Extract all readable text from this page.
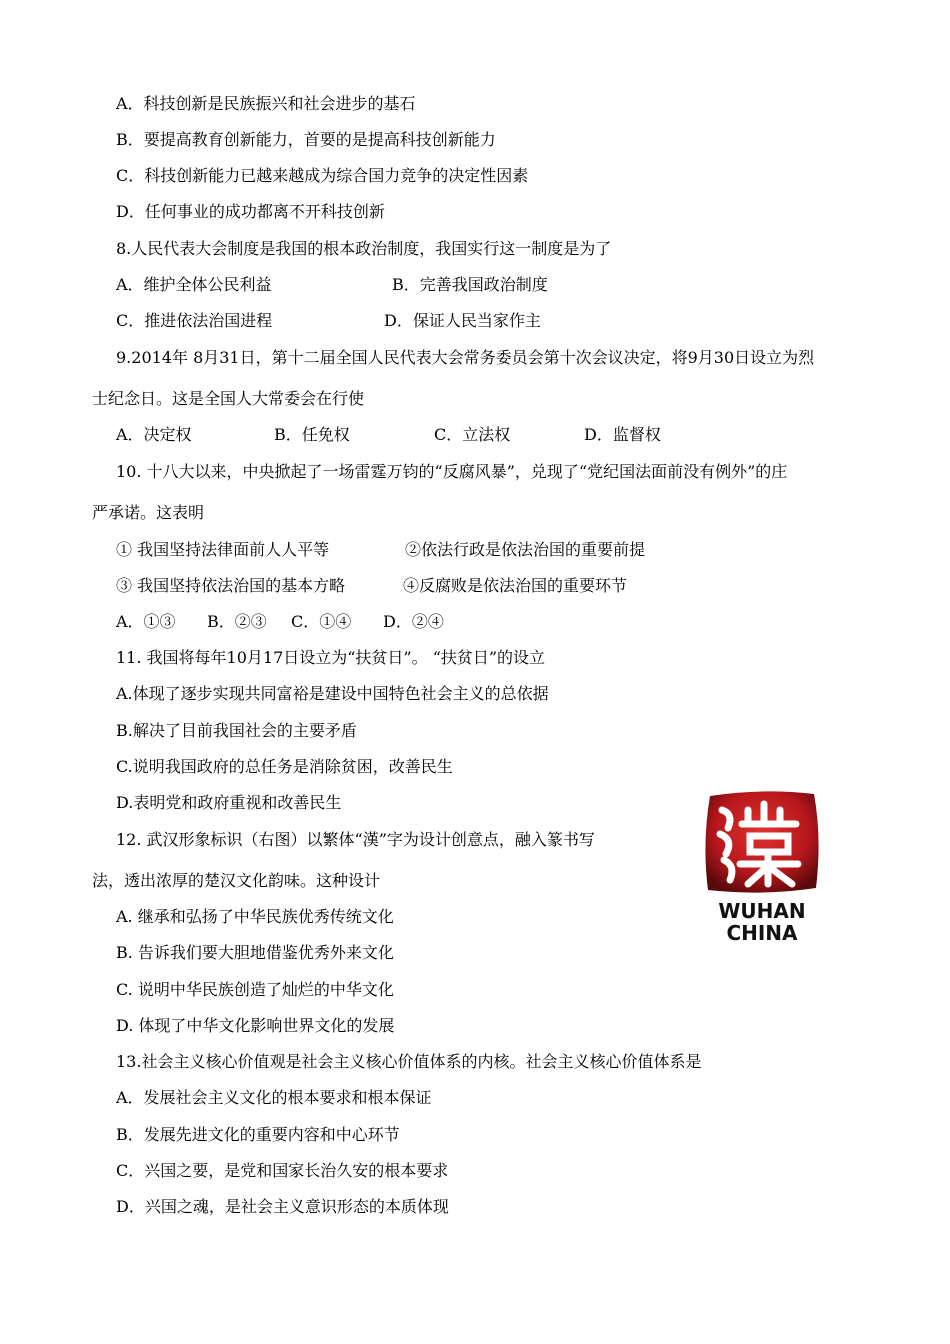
A．科技创新是民族振兴和社会进步的基石
B．要提高教育创新能力，首要的是提高科技创新能力
C．科技创新能力已越来越成为综合国力竞争的决定性因素
D．任何事业的成功都离不开科技创新
8.人民代表大会制度是我国的根本政治制度，我国实行这一制度是为了
A．维护全体公民利益	B．完善我国政治制度
C．推进依法治国进程	D．保证人民当家作主
9.2014年 8月31日，第十二届全国人民代表大会常务委员会第十次会议决定，将9月30日设立为烈
士纪念日。这是全国人大常委会在行使
A．决定权	B．任免权	C．立法权	D．监督权
10. 十八大以来，中央掀起了一场雷霆万钧的“反腐风暴”，兑现了“党纪国法面前没有例外”的庄
严承诺。这表明
① 我国坚持法律面前人人平等	②依法行政是依法治国的重要前提
③ 我国坚持依法治国的基本方略	④反腐败是依法治国的重要环节
A．①③ B．②③ C．①④ D．②④
11. 我国将每年10月17日设立为“扶贫日”。 “扶贫日”的设立
A.体现了逐步实现共同富裕是建设中国特色社会主义的总依据
B.解决了目前我国社会的主要矛盾
C.说明我国政府的总任务是消除贫困，改善民生
D.表明党和政府重视和改善民生
12. 武汉形象标识（右图）以繁体“漢”字为设计创意点，融入篆书写
法，透出浓厚的楚汉文化韵味。这种设计
A. 继承和弘扬了中华民族优秀传统文化
B. 告诉我们要大胆地借鉴优秀外来文化
C. 说明中华民族创造了灿烂的中华文化
D. 体现了中华文化影响世界文化的发展
13.社会主义核心价值观是社会主义核心价值体系的内核。社会主义核心价值体系是
A．发展社会主义文化的根本要求和根本保证
B．发展先进文化的重要内容和中心环节
C．兴国之要，是党和国家长治久安的根本要求
D．兴国之魂，是社会主义意识形态的本质体现
WUHAN
CHINA
